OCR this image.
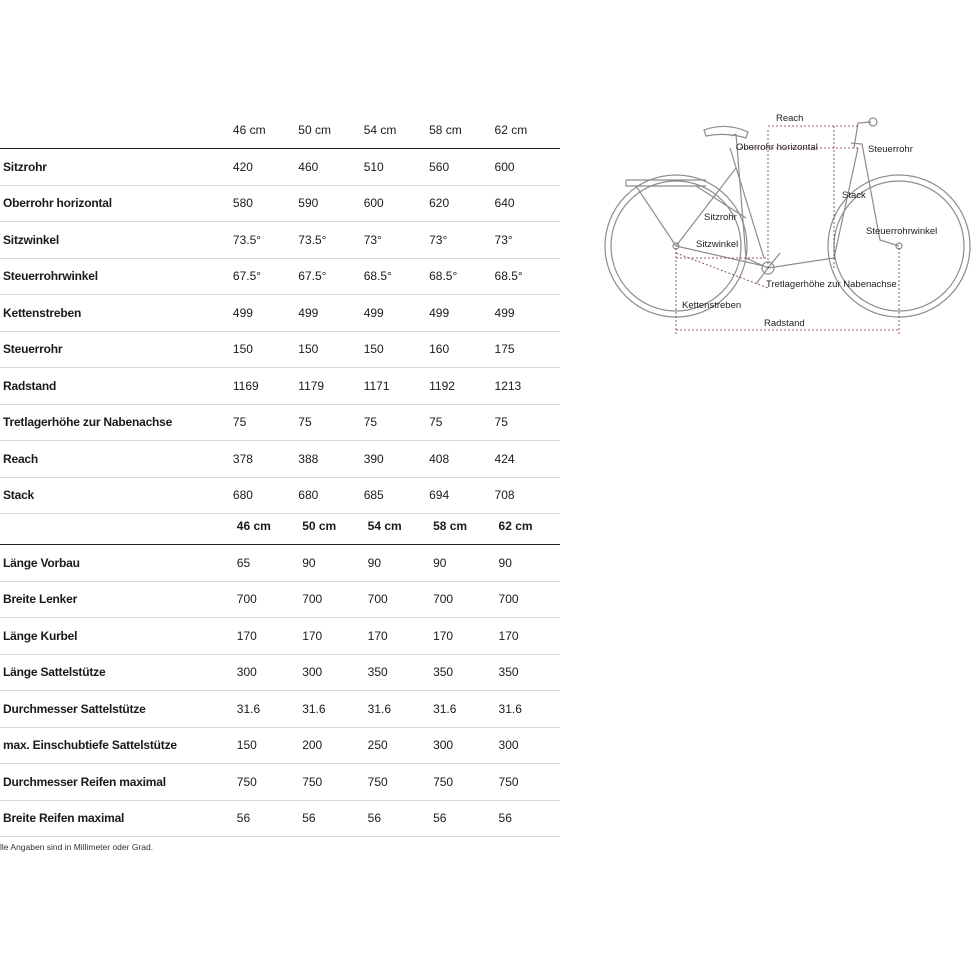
	46 cm	50 cm	54 cm	58 cm	62 cm
Sitzrohr	420	460	510	560	600
Oberrohr horizontal	580	590	600	620	640
Sitzwinkel	73.5°	73.5°	73°	73°	73°
Steuerrohrwinkel	67.5°	67.5°	68.5°	68.5°	68.5°
Kettenstreben	499	499	499	499	499
Steuerrohr	150	150	150	160	175
Radstand	1169	1179	1171	1192	1213
Tretlagerhöhe zur Nabenachse	75	75	75	75	75
Reach	378	388	390	408	424
Stack	680	680	685	694	708
	46 cm	50 cm	54 cm	58 cm	62 cm
Länge Vorbau	65	90	90	90	90
Breite Lenker	700	700	700	700	700
Länge Kurbel	170	170	170	170	170
Länge Sattelstütze	300	300	350	350	350
Durchmesser Sattelstütze	31.6	31.6	31.6	31.6	31.6
max. Einschubtiefe Sattelstütze	150	200	250	300	300
Durchmesser Reifen maximal	750	750	750	750	750
Breite Reifen maximal	56	56	56	56	56
lle Angaben sind in Millimeter oder Grad.
Reach
Oberrohr horizontal	Steuerrohr
Stack
Sitzrohr
Steuerrohrwinkel
Sitzwinkel
Tretlagerhöhe zur Nabenachse
Kettenstreben
Radstand
